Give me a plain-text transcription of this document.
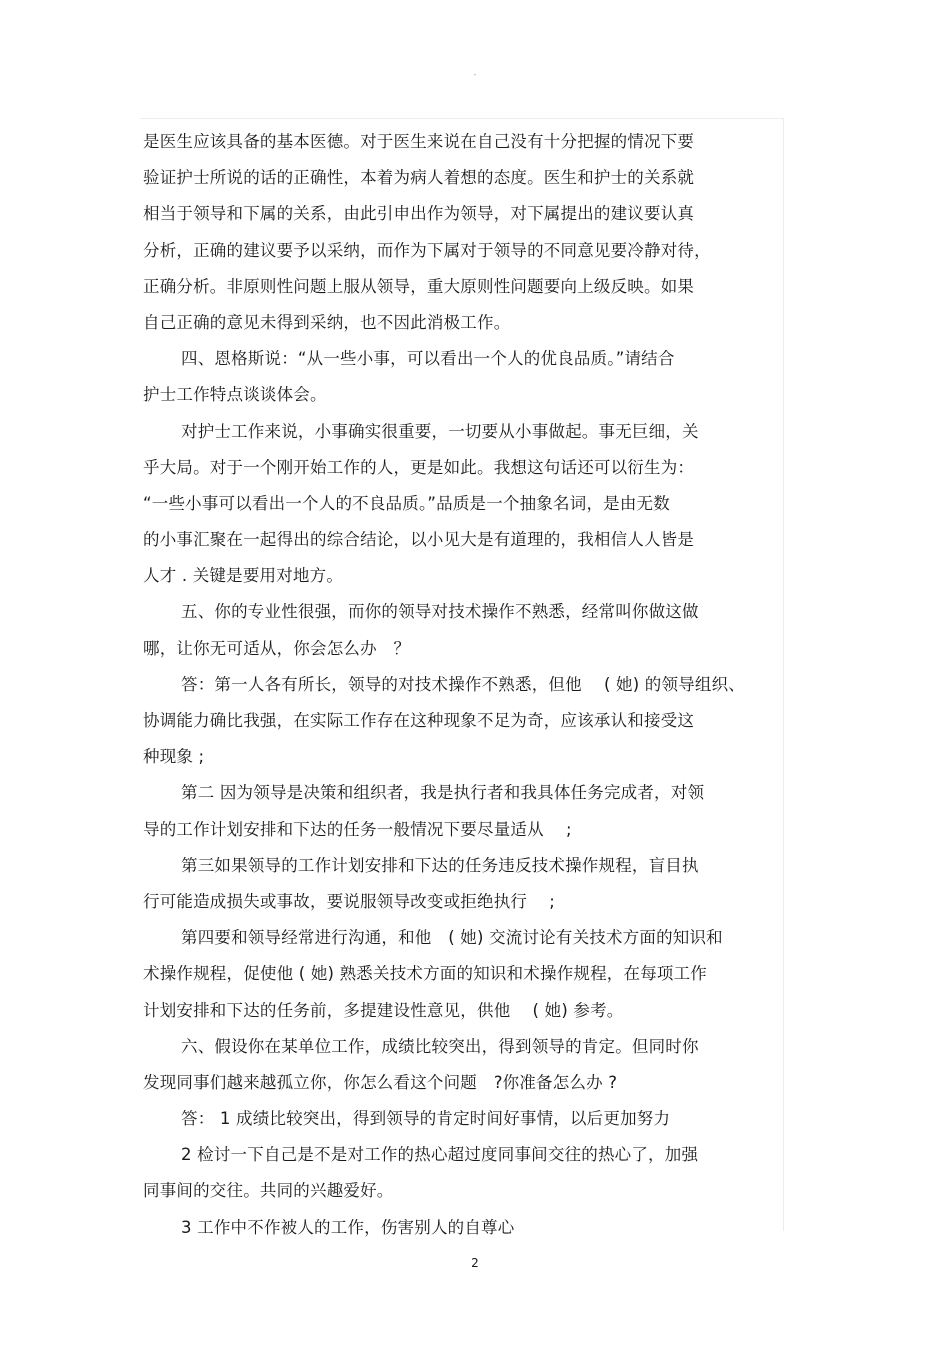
-
是医生应该具备的基本医德。对于医生来说在自己没有十分把握的情况下要
验证护士所说的话的正确性，本着为病人着想的态度。医生和护士的关系就
相当于领导和下属的关系，由此引申出作为领导，对下属提出的建议要认真
分析，正确的建议要予以采纳，而作为下属对于领导的不同意见要冷静对待，
正确分析。非原则性问题上服从领导，重大原则性问题要向上级反映。如果
自己正确的意见未得到采纳，也不因此消极工作。
四、恩格斯说：“从一些小事，可以看出一个人的优良品质。”请结合
护士工作特点谈谈体会。
对护士工作来说，小事确实很重要，一切要从小事做起。事无巨细，关
乎大局。对于一个刚开始工作的人，更是如此。我想这句话还可以衍生为：
“一些小事可以看出一个人的不良品质。”品质是一个抽象名词，是由无数
的小事汇聚在一起得出的综合结论，以小见大是有道理的，我相信人人皆是
人才 . 关键是要用对地方。
五、你的专业性很强，而你的领导对技术操作不熟悉，经常叫你做这做
哪，让你无可适从，你会怎么办　？
答：第一人各有所长，领导的对技术操作不熟悉，但他　 ( 她) 的领导组织、
协调能力确比我强，在实际工作存在这种现象不足为奇，应该承认和接受这
种现象 ;
第二 因为领导是决策和组织者，我是执行者和我具体任务完成者，对领
导的工作计划安排和下达的任务一般情况下要尽量适从　 ;
第三如果领导的工作计划安排和下达的任务违反技术操作规程，盲目执
行可能造成损失或事故，要说服领导改变或拒绝执行　 ;
第四要和领导经常进行沟通，和他　( 她) 交流讨论有关技术方面的知识和
术操作规程，促使他 ( 她) 熟悉关技术方面的知识和术操作规程，在每项工作
计划安排和下达的任务前，多提建设性意见，供他　 ( 她) 参考。
六、假设你在某单位工作，成绩比较突出，得到领导的肯定。但同时你
发现同事们越来越孤立你，你怎么看这个问题　?你准备怎么办 ?
答： 1 成绩比较突出，得到领导的肯定时间好事情，以后更加努力
2 检讨一下自己是不是对工作的热心超过度同事间交往的热心了，加强
同事间的交往。共同的兴趣爱好。
3 工作中不作被人的工作，伤害别人的自尊心
2
